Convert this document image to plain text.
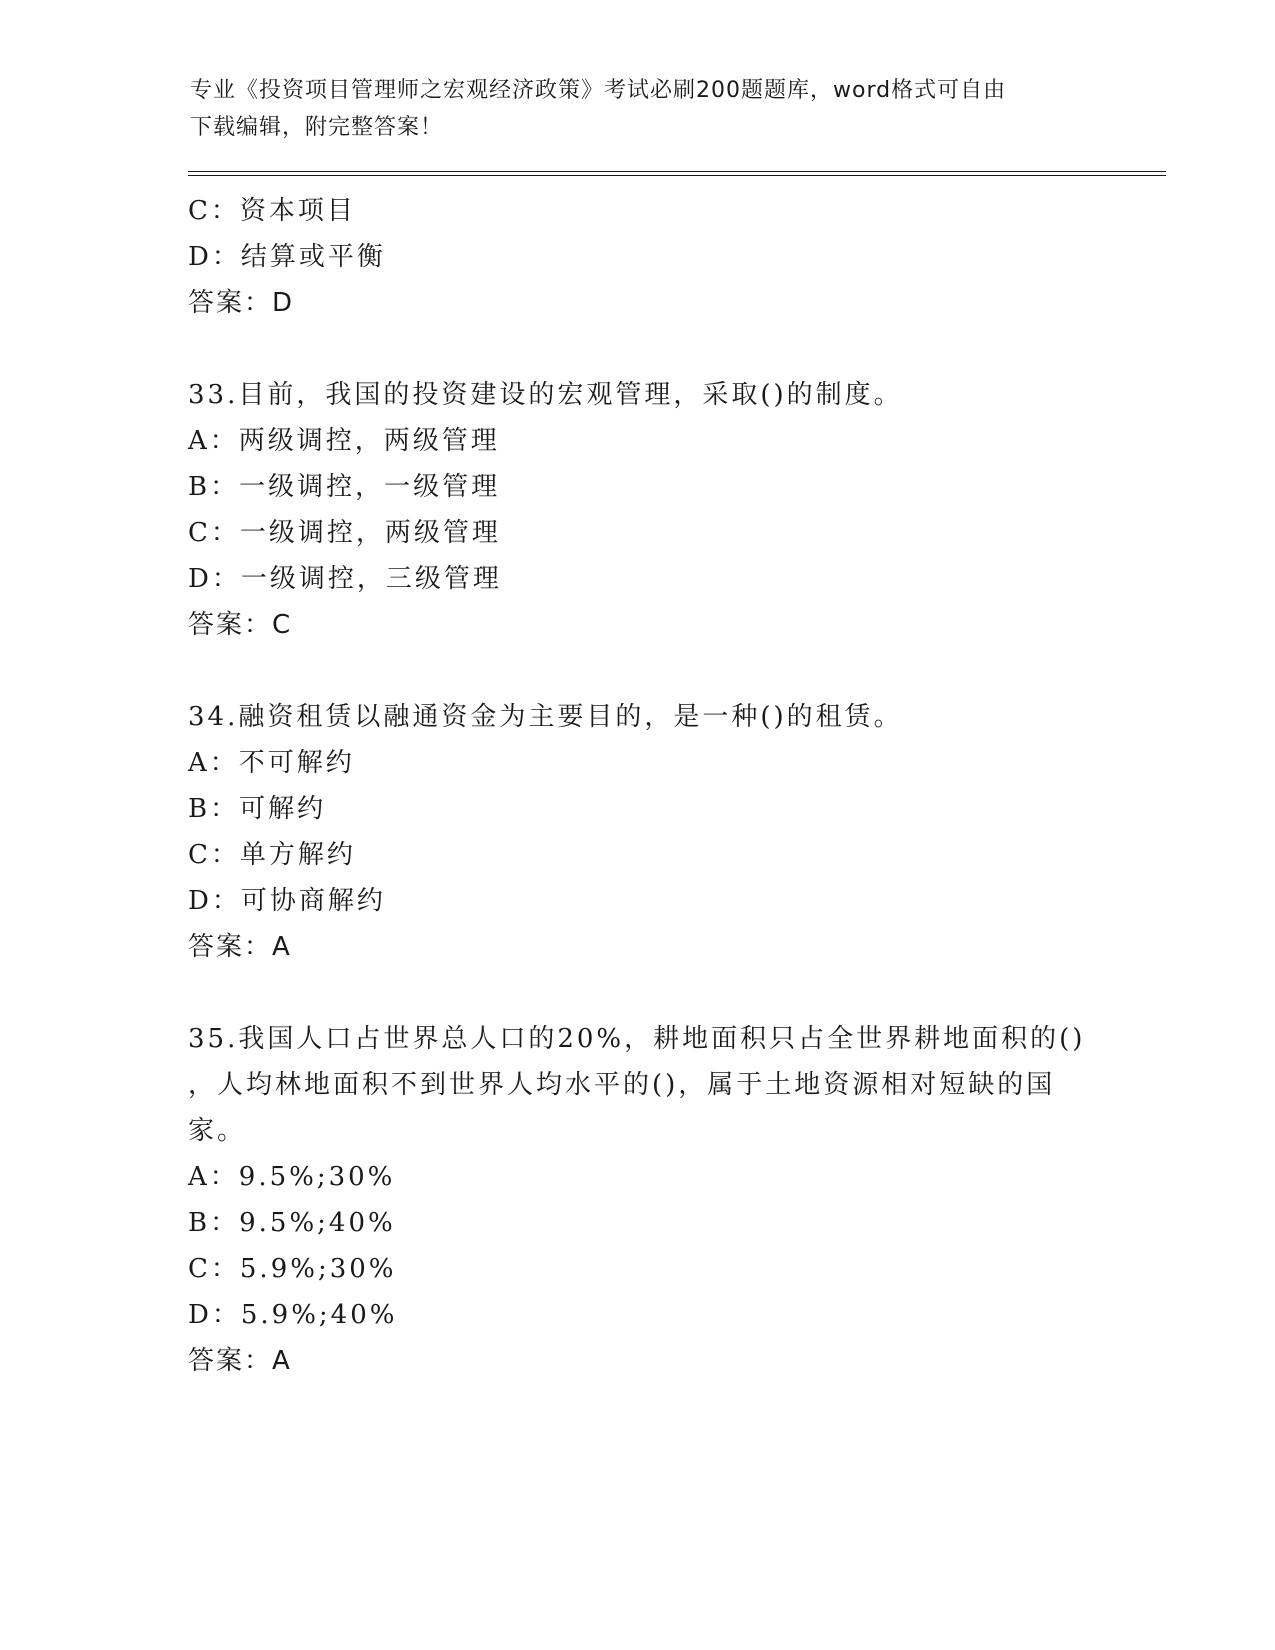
专业《投资项目管理师之宏观经济政策》考试必刷200题题库，word格式可自由
下载编辑，附完整答案！
C：资本项目
D：结算或平衡
答案：D
33.目前，我国的投资建设的宏观管理，采取()的制度。
A：两级调控，两级管理
B：一级调控，一级管理
C：一级调控，两级管理
D：一级调控，三级管理
答案：C
34.融资租赁以融通资金为主要目的，是一种()的租赁。
A：不可解约
B：可解约
C：单方解约
D：可协商解约
答案：A
35.我国人口占世界总人口的20%，耕地面积只占全世界耕地面积的()
，人均林地面积不到世界人均水平的()，属于土地资源相对短缺的国
家。
A：9.5%;30%
B：9.5%;40%
C：5.9%;30%
D：5.9%;40%
答案：A
